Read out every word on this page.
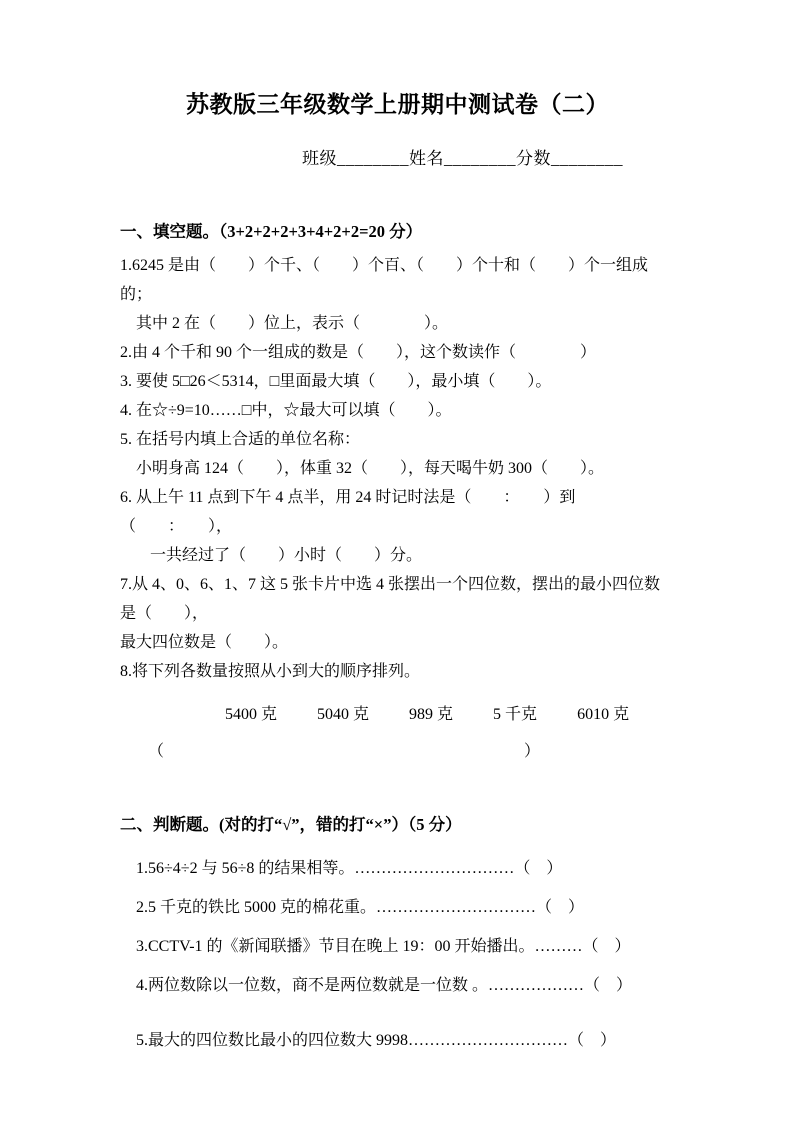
苏教版三年级数学上册期中测试卷（二）
班级________姓名________分数________
一、填空题。（3+2+2+2+3+4+2+2=20 分）
1.6245 是由（　　）个千、（　　）个百、（　　）个十和（　　）个一组成的；
其中 2 在（　　）位上，表示（　　　　）。
2.由 4 个千和 90 个一组成的数是（　　），这个数读作（　　　　）
3. 要使 5□26＜5314，□里面最大填（　　），最小填（　　）。
4. 在☆÷9=10……□中，☆最大可以填（　　）。
5. 在括号内填上合适的单位名称：
小明身高 124（　　），体重 32（　　），每天喝牛奶 300（　　）。
6. 从上午 11 点到下午 4 点半，用 24 时记时法是（　　：　　）到（　　：　　），
一共经过了（　　）小时（　　）分。
7.从 4、0、6、1、7 这 5 张卡片中选 4 张摆出一个四位数，摆出的最小四位数是（　　），
最大四位数是（　　）。
8.将下列各数量按照从小到大的顺序排列。
5400 克	5040 克	989 克	5 千克	6010 克
（	）
二、判断题。(对的打“√”，错的打“×”）（5 分）
1.56÷4÷2 与 56÷8 的结果相等。…………………………（　）
2.5 千克的铁比 5000 克的棉花重。…………………………（　）
3.CCTV-1 的《新闻联播》节目在晚上 19：00 开始播出。………（　）
4.两位数除以一位数，商不是两位数就是一位数 。………………（　）
5.最大的四位数比最小的四位数大 9998…………………………（　）
